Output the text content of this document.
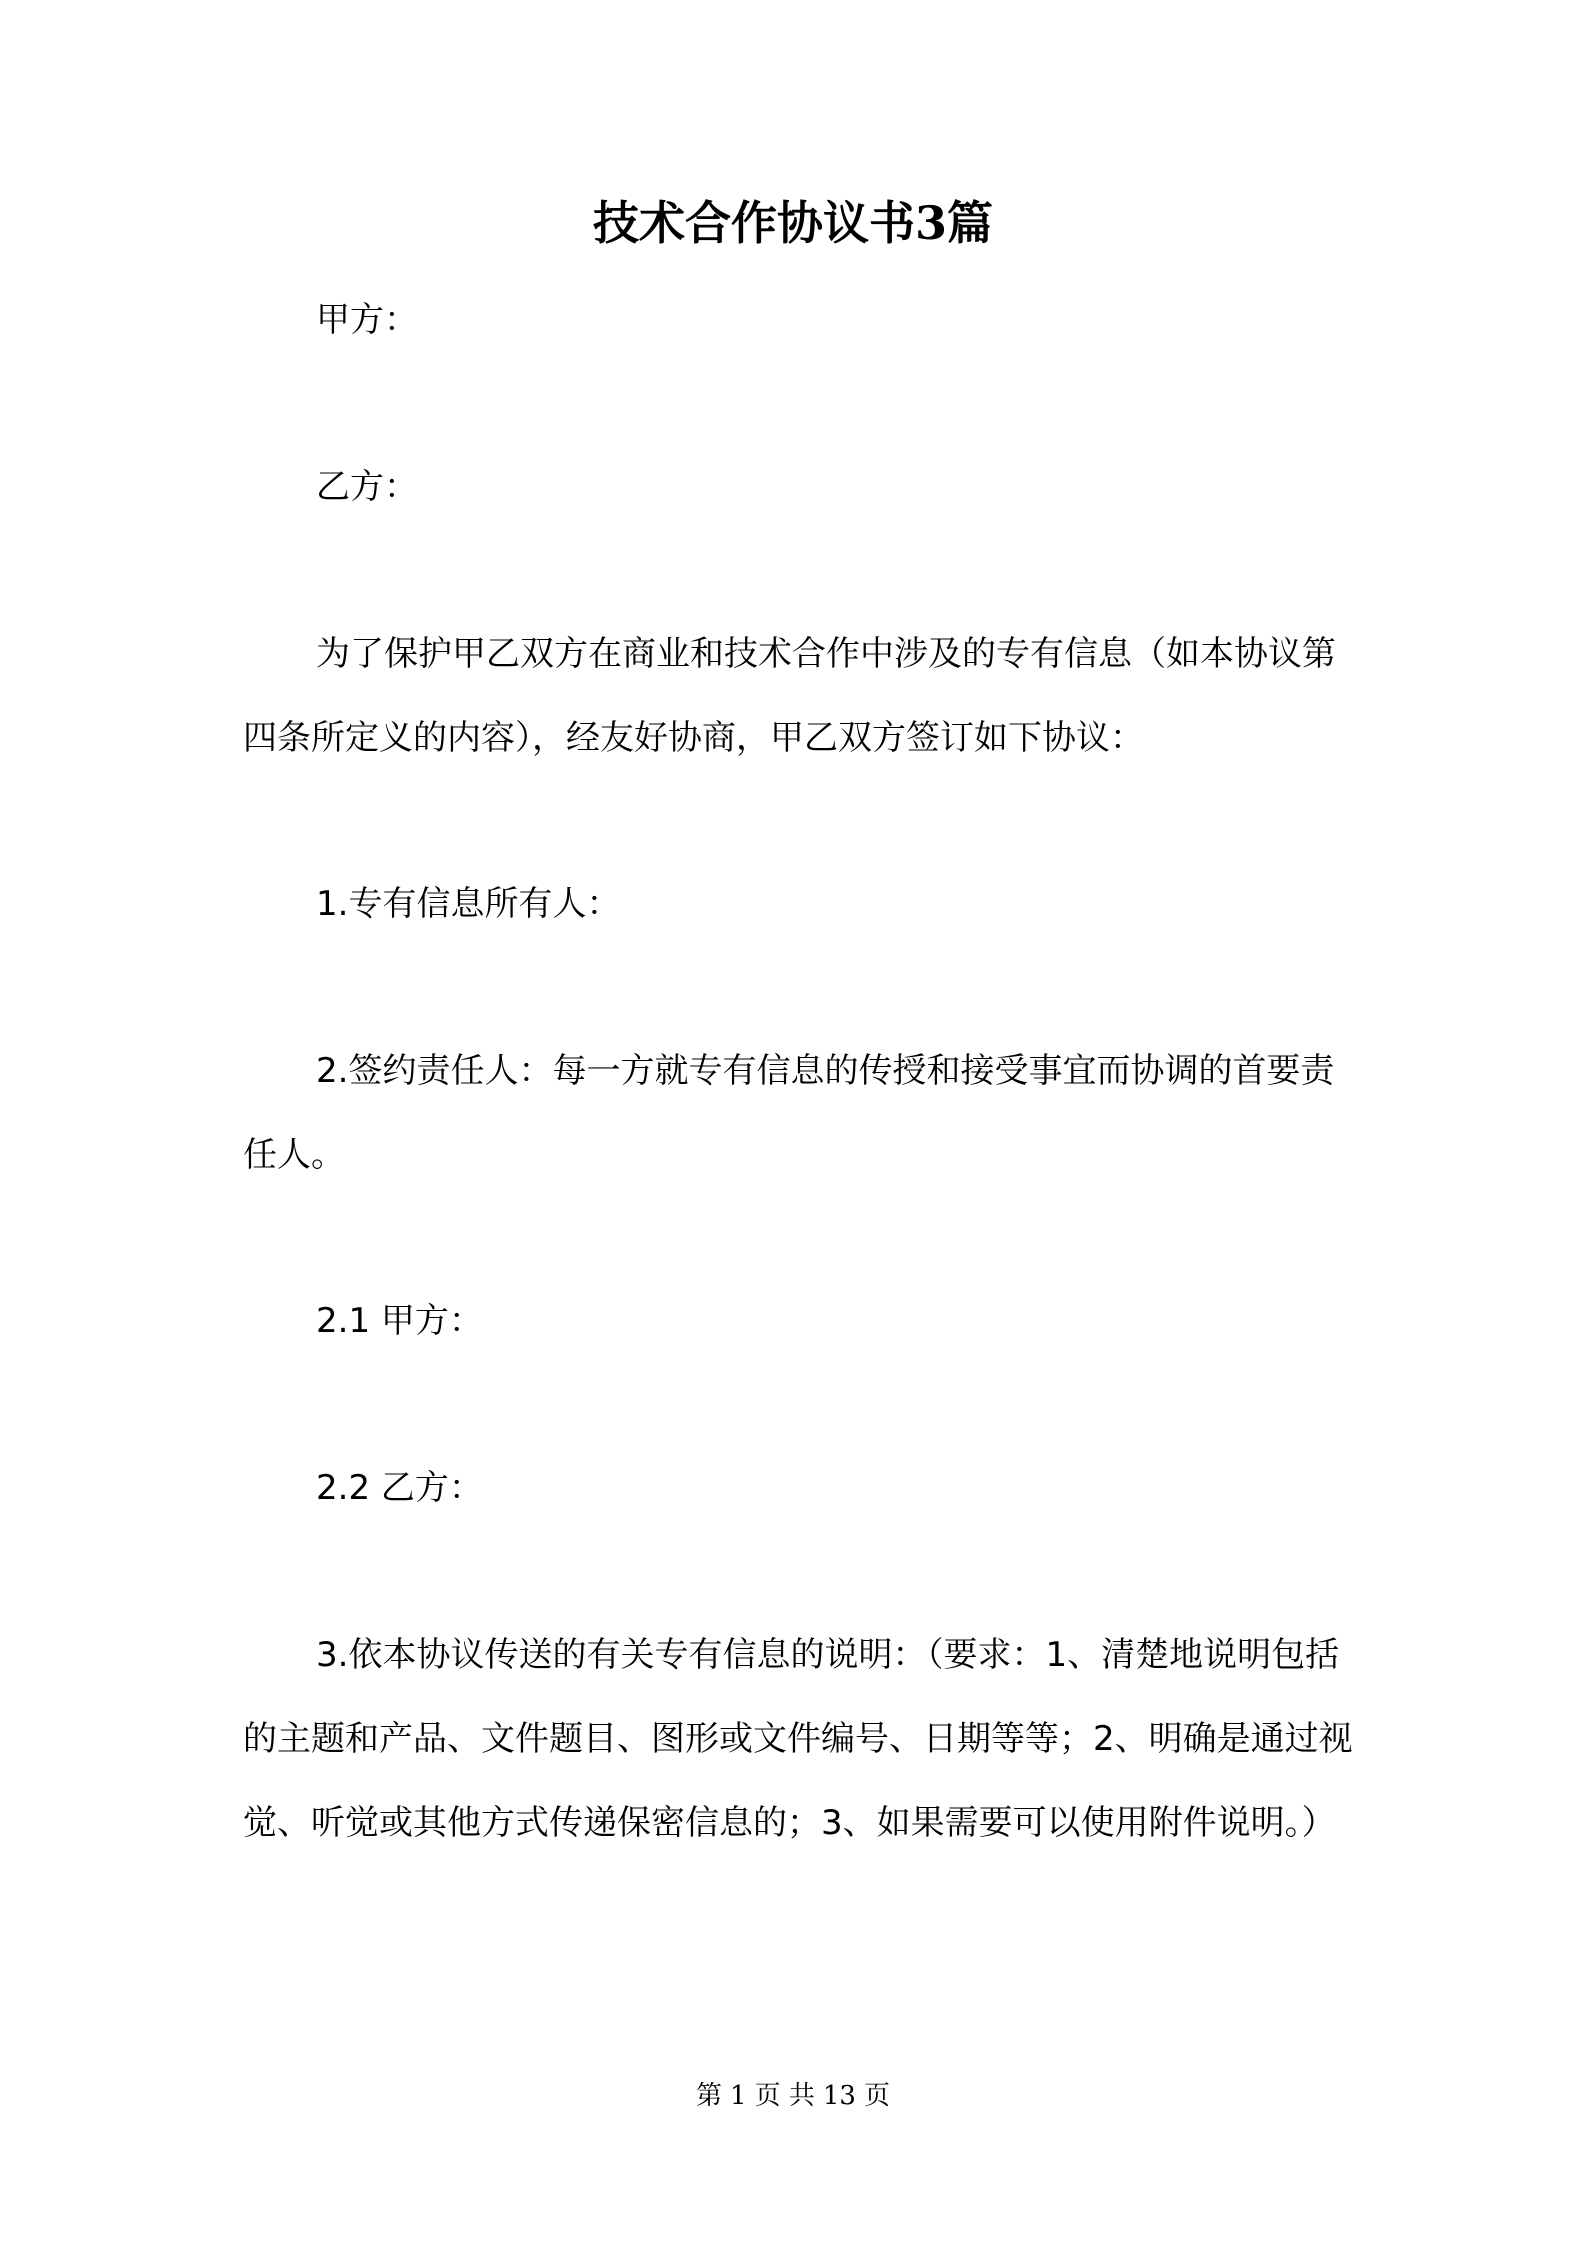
技术合作协议书3篇

甲方：

乙方：

为了保护甲乙双方在商业和技术合作中涉及的专有信息（如本协议第四条所定义的内容），经友好协商，甲乙双方签订如下协议：

1.专有信息所有人：

2.签约责任人：每一方就专有信息的传授和接受事宜而协调的首要责任人。

2.1 甲方：

2.2 乙方：

3.依本协议传送的有关专有信息的说明：（要求：1、清楚地说明包括的主题和产品、文件题目、图形或文件编号、日期等等；2、明确是通过视觉、听觉或其他方式传递保密信息的；3、如果需要可以使用附件说明。）

第 1 页 共 13 页
